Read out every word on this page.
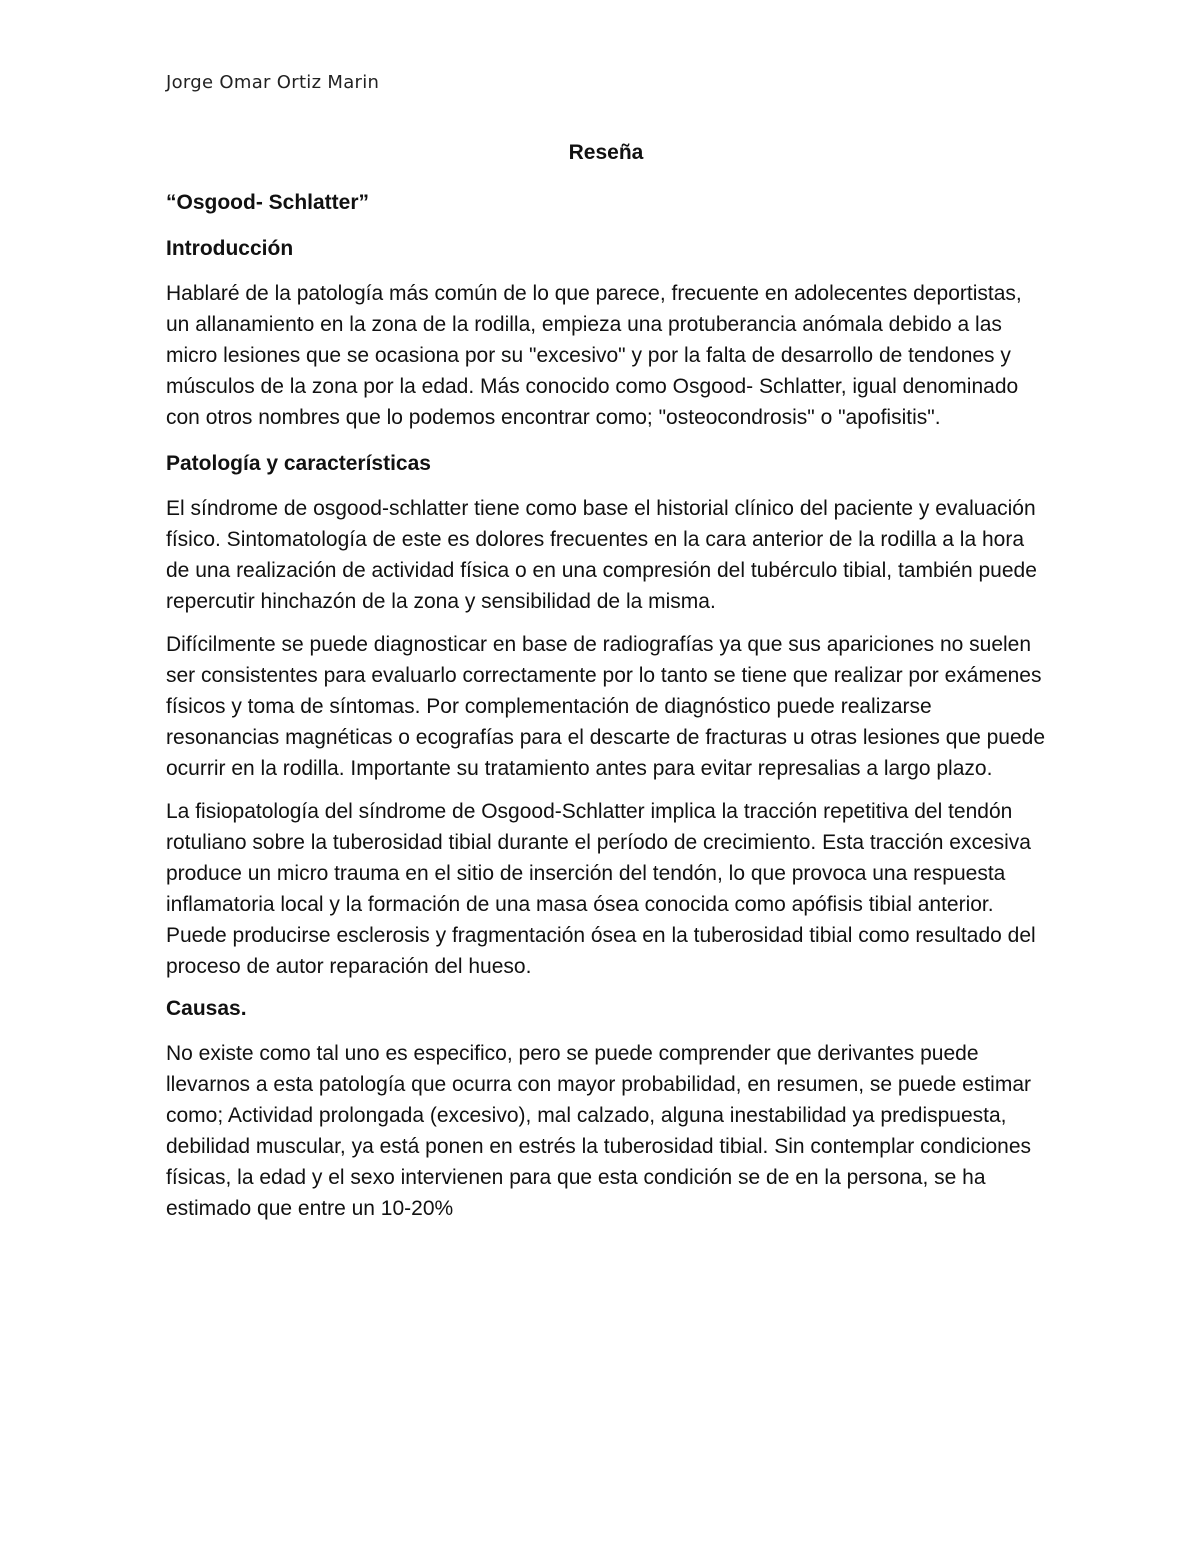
Jorge Omar Ortiz Marin
Reseña
“Osgood- Schlatter”
Introducción

Hablaré de la patología más común de lo que parece, frecuente en adolecentes deportistas, un allanamiento en la zona de la rodilla, empieza una protuberancia anómala debido a las micro lesiones que se ocasiona por su "excesivo" y por la falta de desarrollo de tendones y músculos de la zona por la edad. Más conocido como Osgood- Schlatter, igual denominado con otros nombres que lo podemos encontrar como; "osteocondrosis" o "apofisitis".

Patología y características

El síndrome de osgood-schlatter tiene como base el historial clínico del paciente y evaluación físico. Sintomatología de este es dolores frecuentes en la cara anterior de la rodilla a la hora de una realización de actividad física o en una compresión del tubérculo tibial, también puede repercutir hinchazón de la zona y sensibilidad de la misma.

Difícilmente se puede diagnosticar en base de radiografías ya que sus apariciones no suelen ser consistentes para evaluarlo correctamente por lo tanto se tiene que realizar por exámenes físicos y toma de síntomas. Por complementación de diagnóstico puede realizarse resonancias magnéticas o ecografías para el descarte de fracturas u otras lesiones que puede ocurrir en la rodilla. Importante su tratamiento antes para evitar represalias a largo plazo.

La fisiopatología del síndrome de Osgood-Schlatter implica la tracción repetitiva del tendón rotuliano sobre la tuberosidad tibial durante el período de crecimiento. Esta tracción excesiva produce un micro trauma en el sitio de inserción del tendón, lo que provoca una respuesta inflamatoria local y la formación de una masa ósea conocida como apófisis tibial anterior. Puede producirse esclerosis y fragmentación ósea en la tuberosidad tibial como resultado del proceso de autor reparación del hueso.

Causas.

No existe como tal uno es especifico, pero se puede comprender que derivantes puede llevarnos a esta patología que ocurra con mayor probabilidad, en resumen, se puede estimar como; Actividad prolongada (excesivo), mal calzado, alguna inestabilidad ya predispuesta, debilidad muscular, ya está ponen en estrés la tuberosidad tibial. Sin contemplar condiciones físicas, la edad y el sexo intervienen para que esta condición se de en la persona, se ha estimado que entre un 10-20%
